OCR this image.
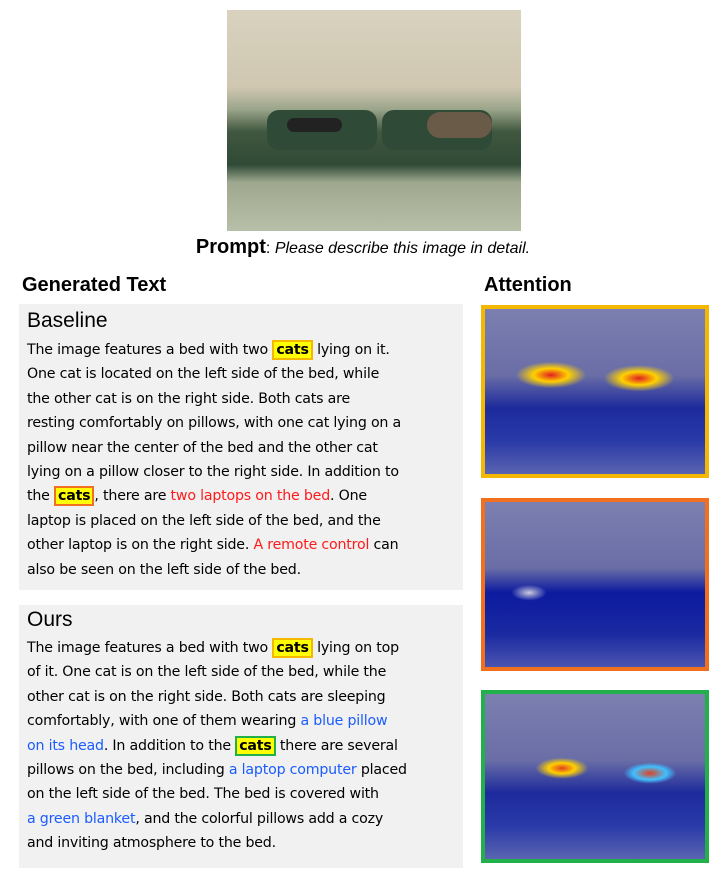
Prompt: Please describe this image in detail.
Generated Text	Attention
Baseline
The image features a bed with two cats lying on it.
One cat is located on the left side of the bed, while
the other cat is on the right side. Both cats are
resting comfortably on pillows, with one cat lying on a
pillow near the center of the bed and the other cat
lying on a pillow closer to the right side. In addition to
the cats , there are two laptops on the bed. One
laptop is placed on the left side of the bed, and the
other laptop is on the right side. A remote control can
also be seen on the left side of the bed.
Ours
The image features a bed with two cats lying on top
of it. One cat is on the left side of the bed, while the
other cat is on the right side. Both cats are sleeping
comfortably, with one of them wearing a blue pillow
on its head. In addition to the cats there are several
pillows on the bed, including a laptop computer placed
on the left side of the bed. The bed is covered with
a green blanket, and the colorful pillows add a cozy
and inviting atmosphere to the bed.
